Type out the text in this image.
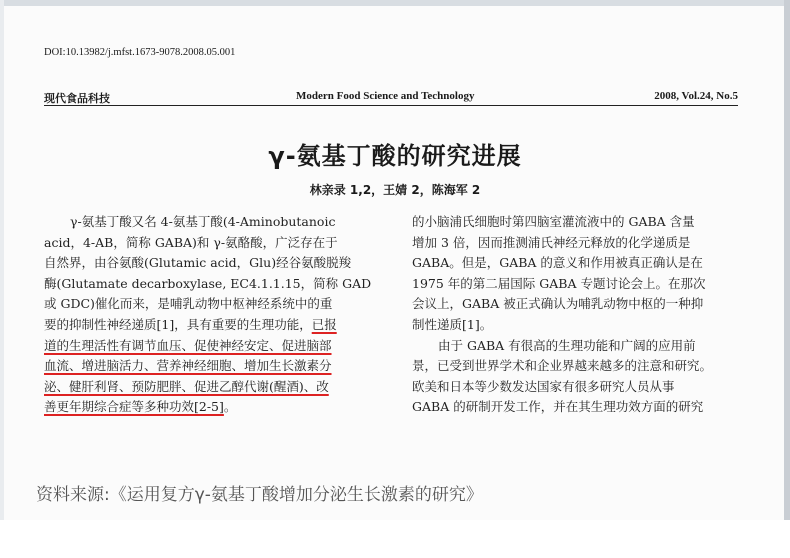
DOI:10.13982/j.mfst.1673-9078.2008.05.001
现代食品科技	Modern Food Science and Technology	2008, Vol.24, No.5
γ-氨基丁酸的研究进展
林亲录 1,2，王婧 2，陈海军 2
γ-氨基丁酸又名 4-氨基丁酸(4-Aminobutanoic
acid，4-AB，简称 GABA)和 γ-氨酪酸，广泛存在于
自然界，由谷氨酸(Glutamic acid，Glu)经谷氨酸脱羧
酶(Glutamate decarboxylase, EC4.1.1.15，简称 GAD
或 GDC)催化而来，是哺乳动物中枢神经系统中的重
要的抑制性神经递质[1]，具有重要的生理功能，已报
道的生理活性有调节血压、促使神经安定、促进脑部
血流、增进脑活力、营养神经细胞、增加生长激素分
泌、健肝利肾、预防肥胖、促进乙醇代谢(醒酒)、改
善更年期综合症等多种功效[2-5]。
的小脑浦氏细胞时第四脑室灌流液中的 GABA 含量
增加 3 倍，因而推测浦氏神经元释放的化学递质是
GABA。但是，GABA 的意义和作用被真正确认是在
1975 年的第二届国际 GABA 专题讨论会上。在那次
会议上，GABA 被正式确认为哺乳动物中枢的一种抑
制性递质[1]。
由于 GABA 有很高的生理功能和广阔的应用前
景，已受到世界学术和企业界越来越多的注意和研究。
欧美和日本等少数发达国家有很多研究人员从事
GABA 的研制开发工作，并在其生理功效方面的研究
资料来源:《运用复方γ-氨基丁酸增加分泌生长激素的研究》
